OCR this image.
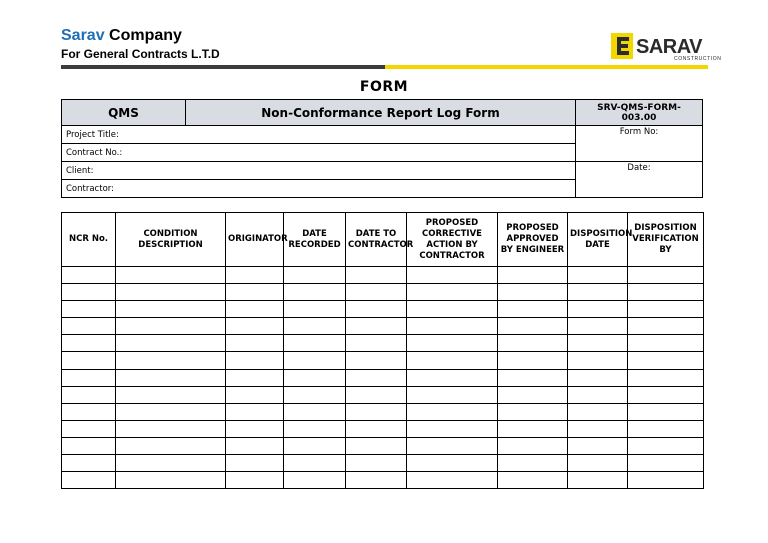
Sarav Company
For General Contracts L.T.D	SARAV
CONSTRUCTION
FORM
QMS	Non-Conformance Report Log Form	SRV-QMS-FORM-003.00
Project Title:		Form No:
Contract No.:		
Client:		Date:
Contractor:		
NCR No.	CONDITION DESCRIPTION	ORIGINATOR	DATE RECORDED	DATE TO CONTRACTOR	PROPOSED CORRECTIVE ACTION BY CONTRACTOR	PROPOSED APPROVED BY ENGINEER	DISPOSITION DATE	DISPOSITION VERIFICATION BY
